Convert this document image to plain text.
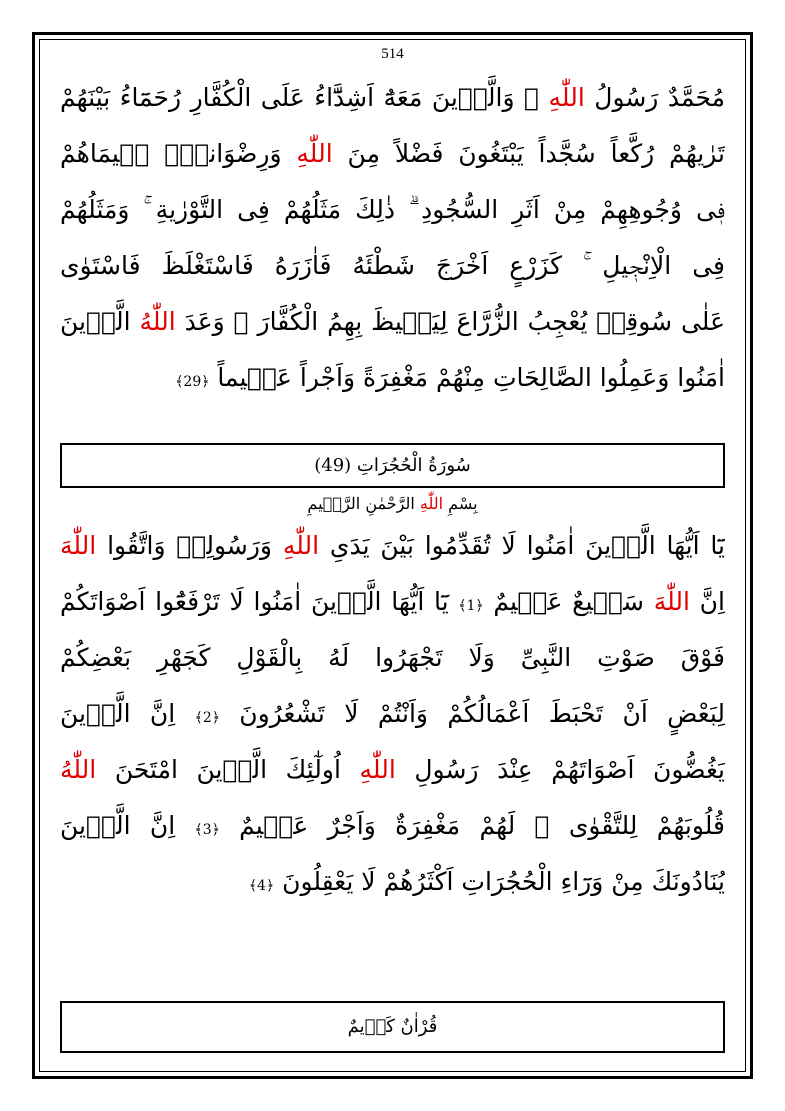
514
مُحَمَّدٌ رَسُولُ اللّٰهِ ۗ وَالَّذٖينَ مَعَهُٓ اَشِدَّٓاءُ عَلَى الْكُفَّارِ رُحَمَٓاءُ بَيْنَهُمْ
تَرٰيهُمْ رُكَّعاً سُجَّداً يَبْتَغُونَ فَضْلاً مِنَ اللّٰهِ وَرِضْوَاناًۘ سٖيمَاهُمْ
فٖى وُجُوهِهِمْ مِنْ اَثَرِ السُّجُودِ ۗ ذٰلِكَ مَثَلُهُمْ فِى التَّوْرٰيةِ ۚ وَمَثَلُهُمْ
فِى الْاِنْجٖيلِ ۚ كَزَرْعٍ اَخْرَجَ شَطْئَهُ فَاٰزَرَهُ فَاسْتَغْلَظَ فَاسْتَوٰى
عَلٰى سُوقِهٖ يُعْجِبُ الزُّرَّاعَ لِيَغٖيظَ بِهِمُ الْكُفَّارَ ۗ وَعَدَ اللّٰهُ الَّذٖينَ
اٰمَنُوا وَعَمِلُوا الصَّالِحَاتِ مِنْهُمْ مَغْفِرَةً وَاَجْراً عَظٖيماً ﴿29﴾
سُورَةُ الْحُجُرَاتِ (49)
بِسْمِ اللّٰهِ الرَّحْمٰنِ الرَّحٖيمِ
يَٓا اَيُّهَا الَّذٖينَ اٰمَنُوا لَا تُقَدِّمُوا بَيْنَ يَدَىِ اللّٰهِ وَرَسُولِهٖ وَاتَّقُوا اللّٰهَ
اِنَّ اللّٰهَ سَمٖيعٌ عَلٖيمٌ ﴿1﴾ يَٓا اَيُّهَا الَّذٖينَ اٰمَنُوا لَا تَرْفَعُٓوا اَصْوَاتَكُمْ
فَوْقَ صَوْتِ النَّبِىِّ وَلَا تَجْهَرُوا لَهُ بِالْقَوْلِ كَجَهْرِ بَعْضِكُمْ
لِبَعْضٍ اَنْ تَحْبَطَ اَعْمَالُكُمْ وَاَنْتُمْ لَا تَشْعُرُونَ ﴿2﴾ اِنَّ الَّذٖينَ
يَغُضُّونَ اَصْوَاتَهُمْ عِنْدَ رَسُولِ اللّٰهِ اُولٰٓئِكَ الَّذٖينَ امْتَحَنَ اللّٰهُ
قُلُوبَهُمْ لِلتَّقْوٰى ۗ لَهُمْ مَغْفِرَةٌ وَاَجْرٌ عَظٖيمٌ ﴿3﴾ اِنَّ الَّذٖينَ
يُنَادُونَكَ مِنْ وَرَٓاءِ الْحُجُرَاتِ اَكْثَرُهُمْ لَا يَعْقِلُونَ ﴿4﴾
قُرْاٰنٌ كَرٖيمٌ
